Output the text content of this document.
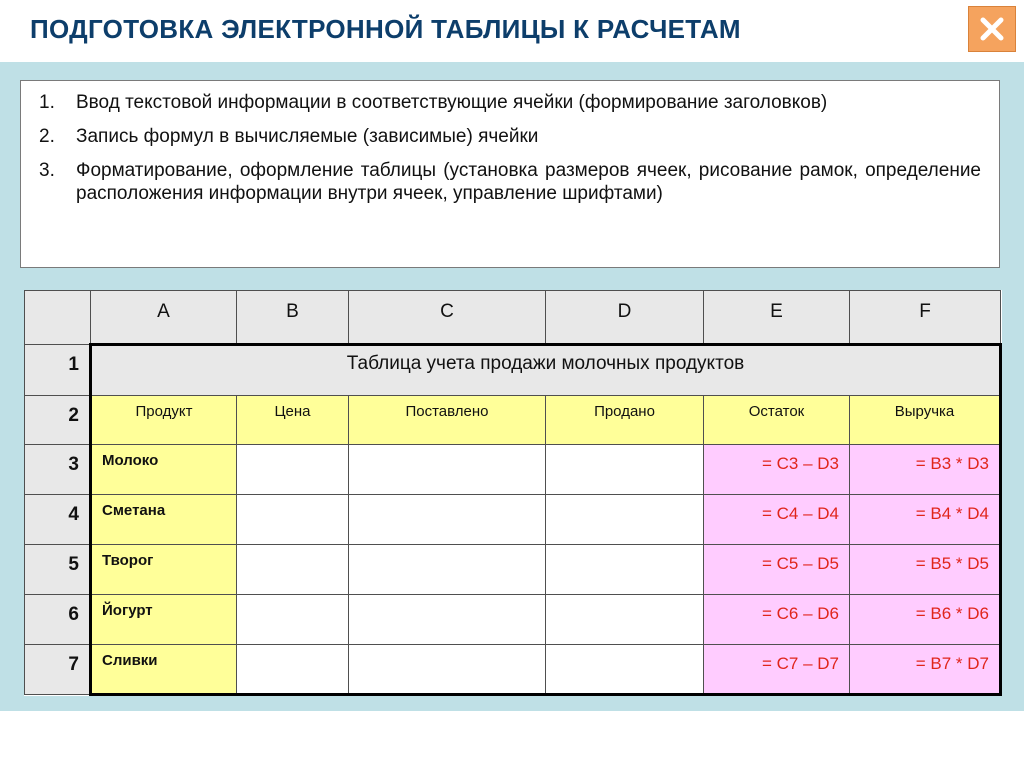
ПОДГОТОВКА ЭЛЕКТРОННОЙ ТАБЛИЦЫ К РАСЧЕТАМ
1. Ввод текстовой информации в соответствующие ячейки (формирование заголовков)
2. Запись формул в вычисляемые (зависимые) ячейки
3. Форматирование, оформление таблицы (установка размеров ячеек, рисование рамок, определение расположения информации внутри ячеек, управление шрифтами)
	A	B	C	D	E	F
1	Таблица учета продажи молочных продуктов					
2	Продукт	Цена	Поставлено	Продано	Остаток	Выручка
3	Молоко				= C3 – D3	= B3 * D3
4	Сметана				= C4 – D4	= B4 * D4
5	Творог				= C5 – D5	= B5 * D5
6	Йогурт				= C6 – D6	= B6 * D6
7	Сливки				= C7 – D7	= B7 * D7
